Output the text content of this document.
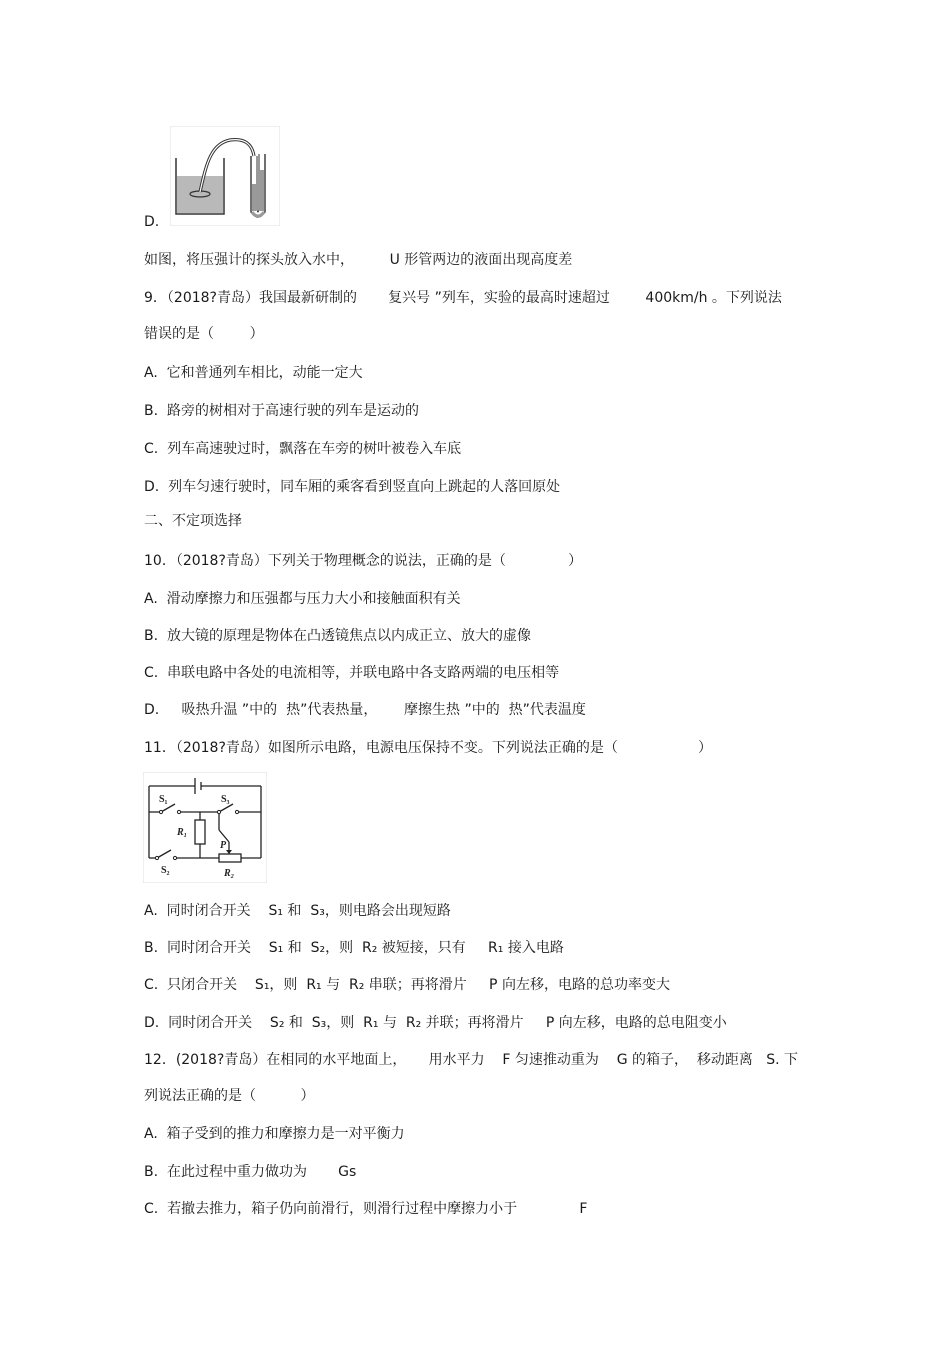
D.
如图，将压强计的探头放入水中，        U 形管两边的液面出现高度差
9．（2018?青岛）我国最新研制的       复兴号 ”列车，实验的最高时速超过        400km/h 。下列说法
错误的是（        ）
A.  它和普通列车相比，动能一定大
B.  路旁的树相对于高速行驶的列车是运动的
C.  列车高速驶过时，飘落在车旁的树叶被卷入车底
D.  列车匀速行驶时，同车厢的乘客看到竖直向上跳起的人落回原处
二、不定项选择
10．（2018?青岛）下列关于物理概念的说法，正确的是（              ）
A.  滑动摩擦力和压强都与压力大小和接触面积有关
B.  放大镜的原理是物体在凸透镜焦点以内成正立、放大的虚像
C.  串联电路中各处的电流相等，并联电路中各支路两端的电压相等
D.     吸热升温 ”中的  热”代表热量，      摩擦生热 ”中的  热”代表温度
11．（2018?青岛）如图所示电路，电源电压保持不变。下列说法正确的是（                  ）
S₁	S₃
R₁
P
S₂	R₂
A.  同时闭合开关    S₁ 和  S₃，则电路会出现短路
B.  同时闭合开关    S₁ 和  S₂，则  R₂ 被短接，只有     R₁ 接入电路
C.  只闭合开关    S₁，则  R₁ 与  R₂ 串联；再将滑片     P 向左移，电路的总功率变大
D.  同时闭合开关    S₂ 和  S₃，则  R₁ 与  R₂ 并联；再将滑片     P 向左移，电路的总电阻变小
12．(2018?青岛）在相同的水平地面上，     用水平力    F 匀速推动重为    G 的箱子，  移动距离   S. 下
列说法正确的是（          ）
A.  箱子受到的推力和摩擦力是一对平衡力
B.  在此过程中重力做功为       Gs
C.  若撤去推力，箱子仍向前滑行，则滑行过程中摩擦力小于              F
